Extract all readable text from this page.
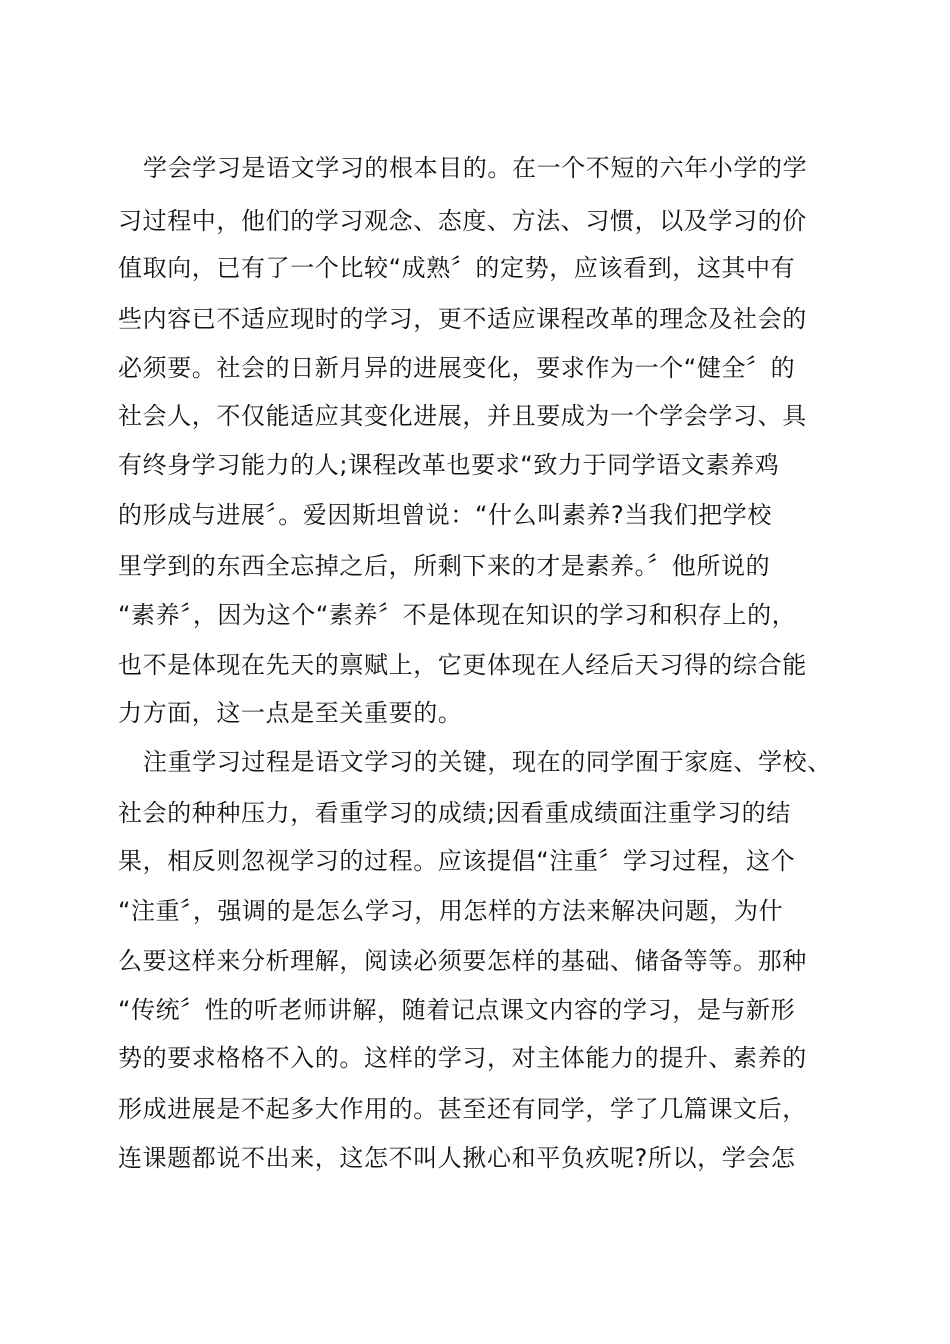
学会学习是语文学习的根本目的。在一个不短的六年小学的学

习过程中，他们的学习观念、态度、方法、习惯，以及学习的价

值取向，已有了一个比较“成熟〞的定势，应该看到，这其中有

些内容已不适应现时的学习，更不适应课程改革的理念及社会的

必须要。社会的日新月异的进展变化，要求作为一个“健全〞的

社会人，不仅能适应其变化进展，并且要成为一个学会学习、具

有终身学习能力的人;课程改革也要求“致力于同学语文素养鸡

的形成与进展〞。爱因斯坦曾说：“什么叫素养?当我们把学校

里学到的东西全忘掉之后，所剩下来的才是素养。〞他所说的

“素养〞，因为这个“素养〞不是体现在知识的学习和积存上的，

也不是体现在先天的禀赋上，它更体现在人经后天习得的综合能

力方面，这一点是至关重要的。

注重学习过程是语文学习的关键，现在的同学囿于家庭、学校、

社会的种种压力，看重学习的成绩;因看重成绩面注重学习的结

果，相反则忽视学习的过程。应该提倡“注重〞学习过程，这个

“注重〞，强调的是怎么学习，用怎样的方法来解决问题，为什

么要这样来分析理解，阅读必须要怎样的基础、储备等等。那种

“传统〞性的听老师讲解，随着记点课文内容的学习，是与新形

势的要求格格不入的。这样的学习，对主体能力的提升、素养的

形成进展是不起多大作用的。甚至还有同学，学了几篇课文后，

连课题都说不出来，这怎不叫人揪心和平负疚呢?所以，学会怎
